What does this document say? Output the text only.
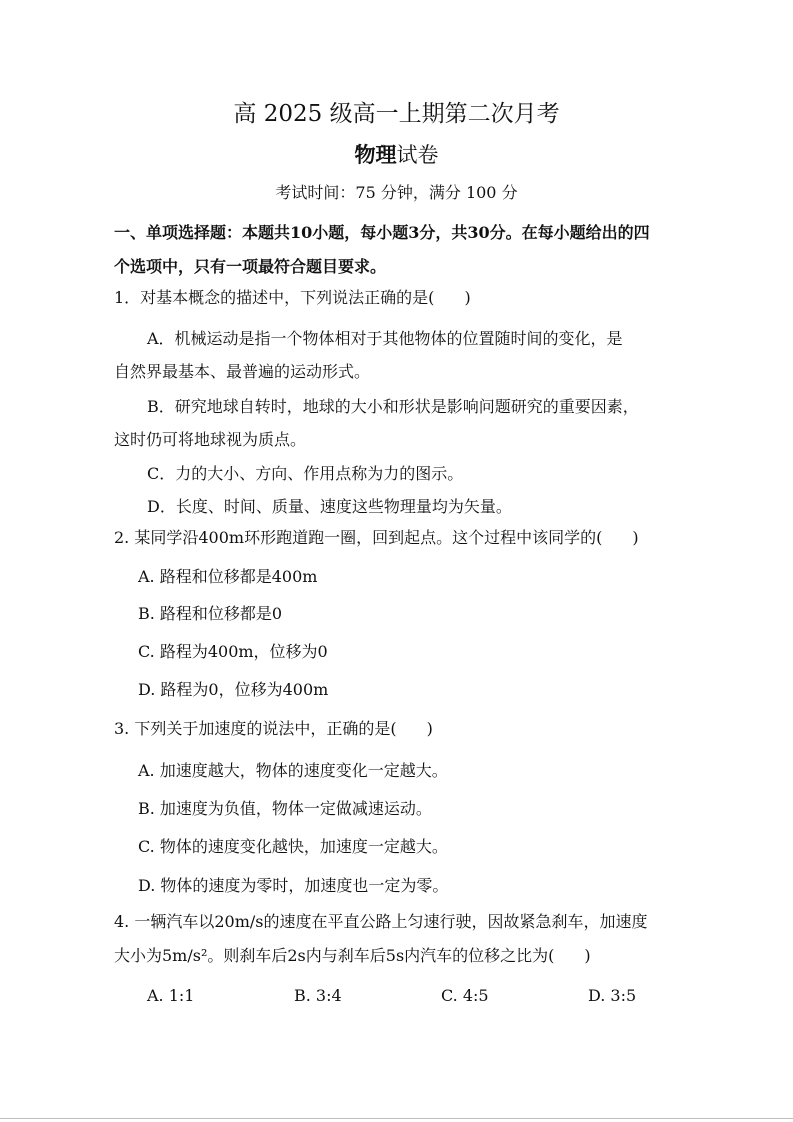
高 2025 级高一上期第二次月考
物理试卷
考试时间：75 分钟，满分 100 分
一、单项选择题：本题共10小题，每小题3分，共30分。在每小题给出的四
个选项中，只有一项最符合题目要求。
1．对基本概念的描述中，下列说法正确的是( )
A．机械运动是指一个物体相对于其他物体的位置随时间的变化，是
自然界最基本、最普遍的运动形式。
B．研究地球自转时，地球的大小和形状是影响问题研究的重要因素，
这时仍可将地球视为质点。
C．力的大小、方向、作用点称为力的图示。
D．长度、时间、质量、速度这些物理量均为矢量。
2. 某同学沿400m环形跑道跑一圈，回到起点。这个过程中该同学的( )
A. 路程和位移都是400m
B. 路程和位移都是0
C. 路程为400m，位移为0
D. 路程为0，位移为400m
3. 下列关于加速度的说法中，正确的是( )
A. 加速度越大，物体的速度变化一定越大。
B. 加速度为负值，物体一定做减速运动。
C. 物体的速度变化越快，加速度一定越大。
D. 物体的速度为零时，加速度也一定为零。
4. 一辆汽车以20m/s的速度在平直公路上匀速行驶，因故紧急刹车，加速度
大小为5m/s²。则刹车后2s内与刹车后5s内汽车的位移之比为( )
A. 1:1	B. 3:4	C. 4:5	D. 3:5
